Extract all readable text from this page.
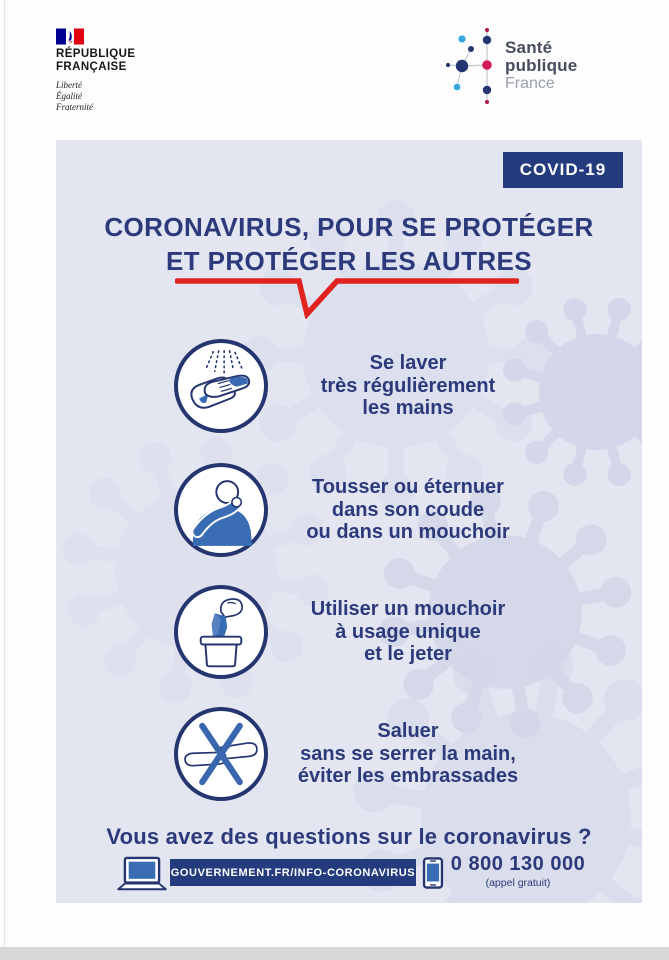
RÉPUBLIQUE
FRANÇAISE
Liberté
Égalité
Fraternité
Santé
publique
France
COVID-19
CORONAVIRUS, POUR SE PROTÉGER
ET PROTÉGER LES AUTRES
Se laver
très régulièrement
les mains
Tousser ou éternuer
dans son coude
ou dans un mouchoir
Utiliser un mouchoir
à usage unique
et le jeter
Saluer
sans se serrer la main,
éviter les embrassades
Vous avez des questions sur le coronavirus ?
GOUVERNEMENT.FR/INFO-CORONAVIRUS 0 800 130 000
(appel gratuit)
